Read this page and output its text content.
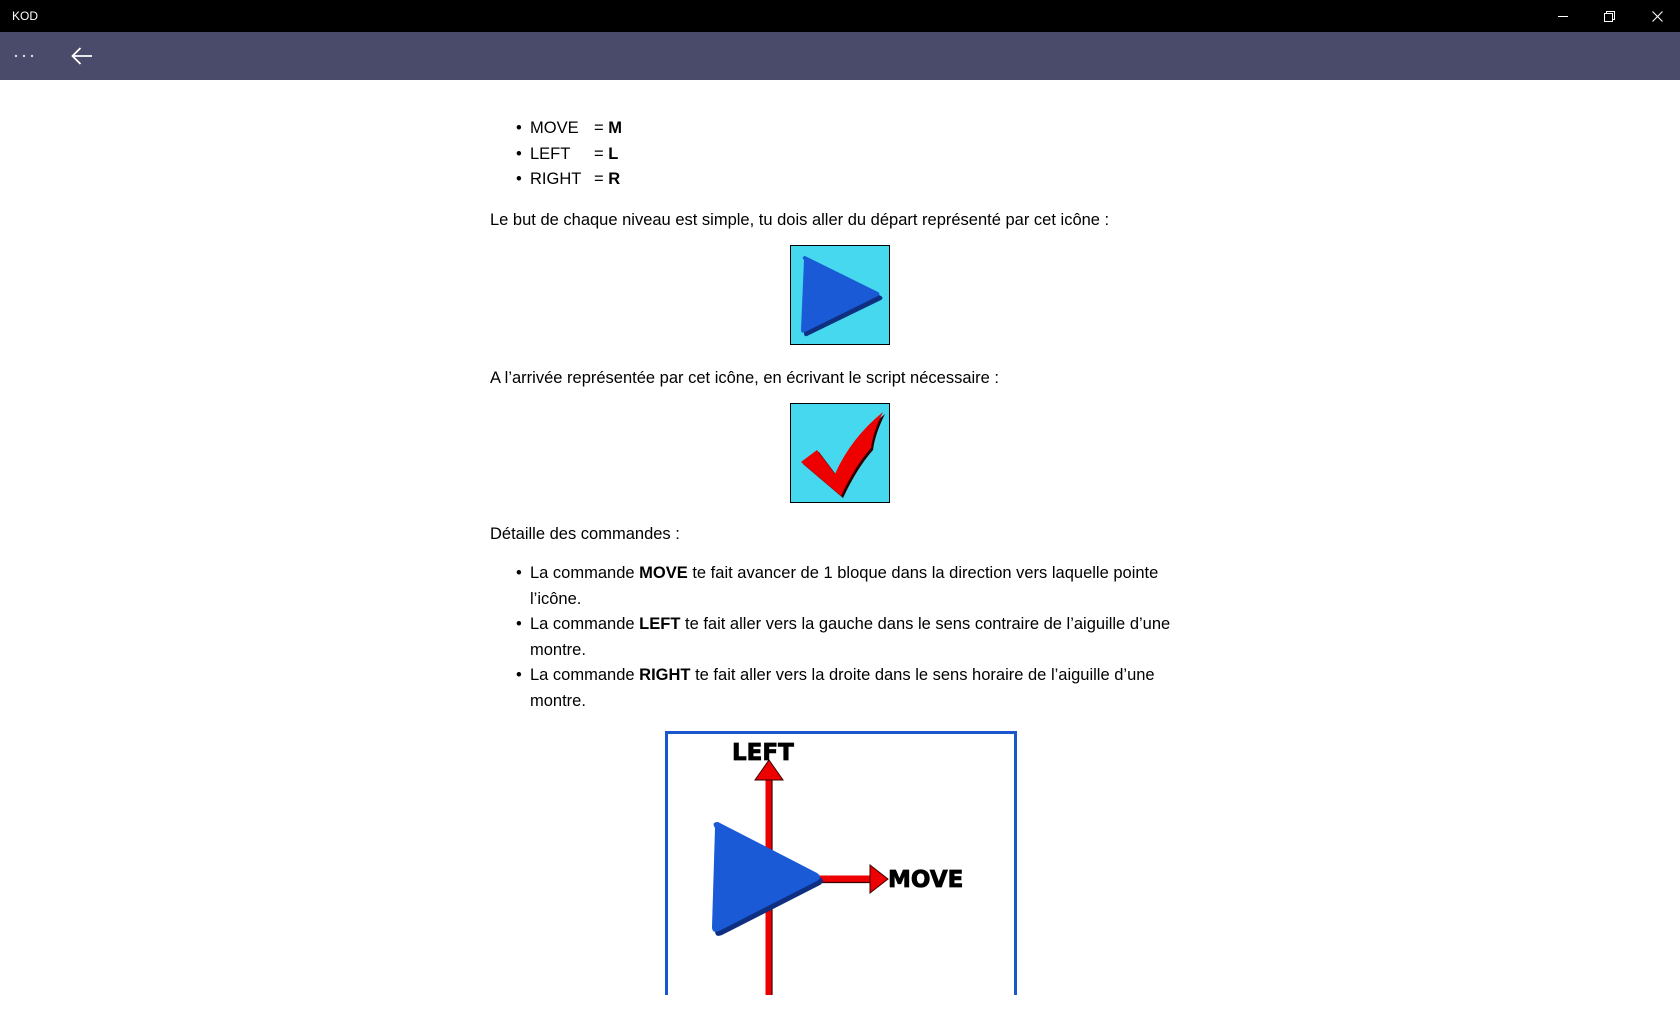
KOD
• MOVE = M
• LEFT = L
• RIGHT = R
Le but de chaque niveau est simple, tu dois aller du départ représenté par cet icône :
A l’arrivée représentée par cet icône, en écrivant le script nécessaire :
Détaille des commandes :
• La commande MOVE te fait avancer de 1 bloque dans la direction vers laquelle pointe l’icône.
• La commande LEFT te fait aller vers la gauche dans le sens contraire de l’aiguille d’une montre.
• La commande RIGHT te fait aller vers la droite dans le sens horaire de l’aiguille d’une montre.
LEFT
MOVE
